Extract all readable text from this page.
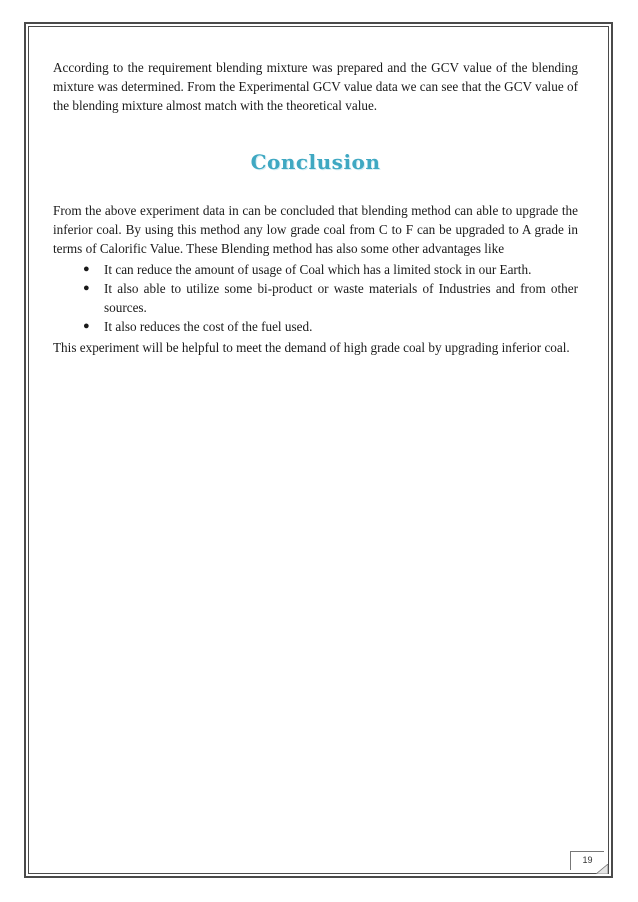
According to the requirement blending mixture was prepared and the GCV value of the blending mixture was determined. From the Experimental GCV value data we can see that the GCV value of the blending mixture almost match with the theoretical value.

Conclusion

From the above experiment data in can be concluded that blending method can able to upgrade the inferior coal. By using this method any low grade coal from C to F can be upgraded to A grade in terms of Calorific Value. These Blending method has also some other advantages like

● It can reduce the amount of usage of Coal which has a limited stock in our Earth.
● It also able to utilize some bi-product or waste materials of Industries and from other sources.
● It also reduces the cost of the fuel used.

This experiment will be helpful to meet the demand of high grade coal by upgrading inferior coal.

19
